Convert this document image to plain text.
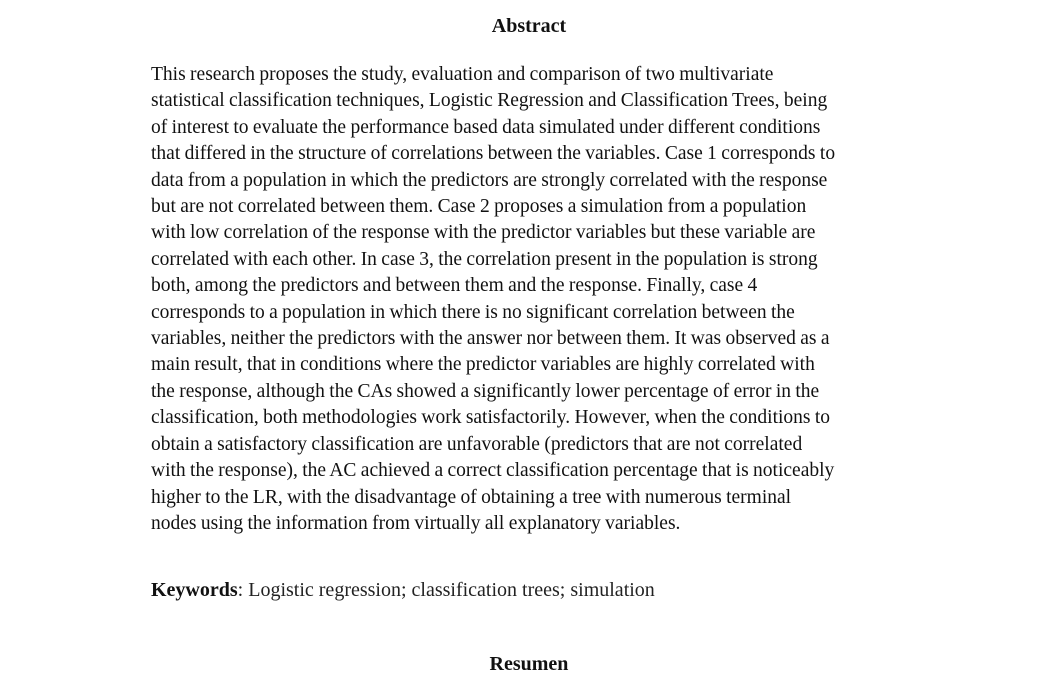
Abstract
This research proposes the study, evaluation and comparison of two multivariate
statistical classification techniques, Logistic Regression and Classification Trees, being
of interest to evaluate the performance based data simulated under different conditions
that differed in the structure of correlations between the variables. Case 1 corresponds to
data from a population in which the predictors are strongly correlated with the response
but are not correlated between them. Case 2 proposes a simulation from a population
with low correlation of the response with the predictor variables but these variable are
correlated with each other. In case 3, the correlation present in the population is strong
both, among the predictors and between them and the response. Finally, case 4
corresponds to a population in which there is no significant correlation between the
variables, neither the predictors with the answer nor between them. It was observed as a
main result, that in conditions where the predictor variables are highly correlated with
the response, although the CAs showed a significantly lower percentage of error in the
classification, both methodologies work satisfactorily. However, when the conditions to
obtain a satisfactory classification are unfavorable (predictors that are not correlated
with the response), the AC achieved a correct classification percentage that is noticeably
higher to the LR, with the disadvantage of obtaining a tree with numerous terminal
nodes using the information from virtually all explanatory variables.
Keywords: Logistic regression; classification trees; simulation
Resumen
